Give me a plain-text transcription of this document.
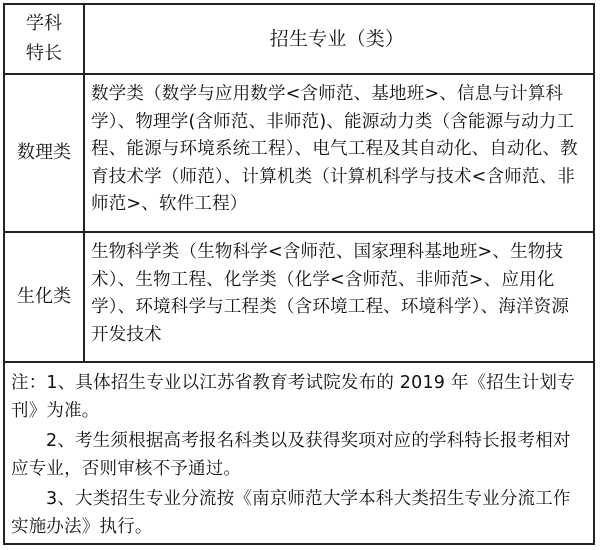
学科
特长
招生专业（类）
数理类
数学类（数学与应用数学<含师范、基地班>、信息与计算科学）、物理学(含师范、非师范)、能源动力类（含能源与动力工程、能源与环境系统工程）、电气工程及其自动化、自动化、教育技术学（师范）、计算机类（计算机科学与技术<含师范、非师范>、软件工程）
生化类
生物科学类（生物科学<含师范、国家理科基地班>、生物技术）、生物工程、化学类（化学<含师范、非师范>、应用化学）、环境科学与工程类（含环境工程、环境科学）、海洋资源开发技术

注：1、具体招生专业以江苏省教育考试院发布的 2019 年《招生计划专刊》为准。

2、考生须根据高考报名科类以及获得奖项对应的学科特长报考相对应专业，否则审核不予通过。

3、大类招生专业分流按《南京师范大学本科大类招生专业分流工作实施办法》执行。
